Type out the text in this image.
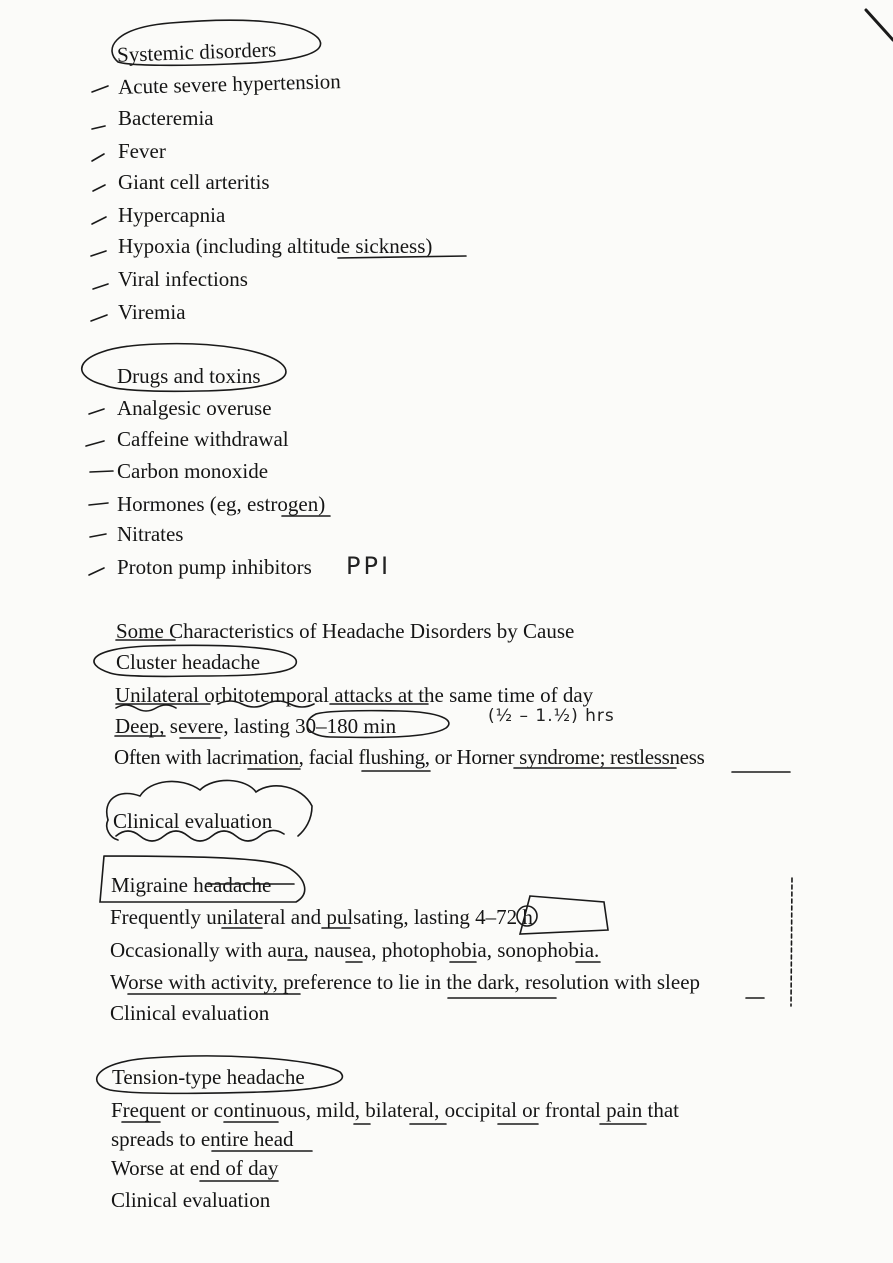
Systemic disorders
Acute severe hypertension
Bacteremia
Fever
Giant cell arteritis
Hypercapnia
Hypoxia (including altitude sickness)
Viral infections
Viremia
Drugs and toxins
Analgesic overuse
Caffeine withdrawal
Carbon monoxide
Hormones (eg, estrogen)
Nitrates
Proton pump inhibitors PPI
Some Characteristics of Headache Disorders by Cause
Cluster headache
Unilateral orbitotemporal attacks at the same time of day
Deep, severe, lasting 30–180 min	(½ – 1.½) hrs
Often with lacrimation, facial flushing, or Horner syndrome; restlessness
Clinical evaluation
Migraine headache
Frequently unilateral and pulsating, lasting 4–72 h
Occasionally with aura, nausea, photophobia, sonophobia.
Worse with activity, preference to lie in the dark, resolution with sleep
Clinical evaluation
Tension-type headache
Frequent or continuous, mild, bilateral, occipital or frontal pain that
spreads to entire head
Worse at end of day
Clinical evaluation
